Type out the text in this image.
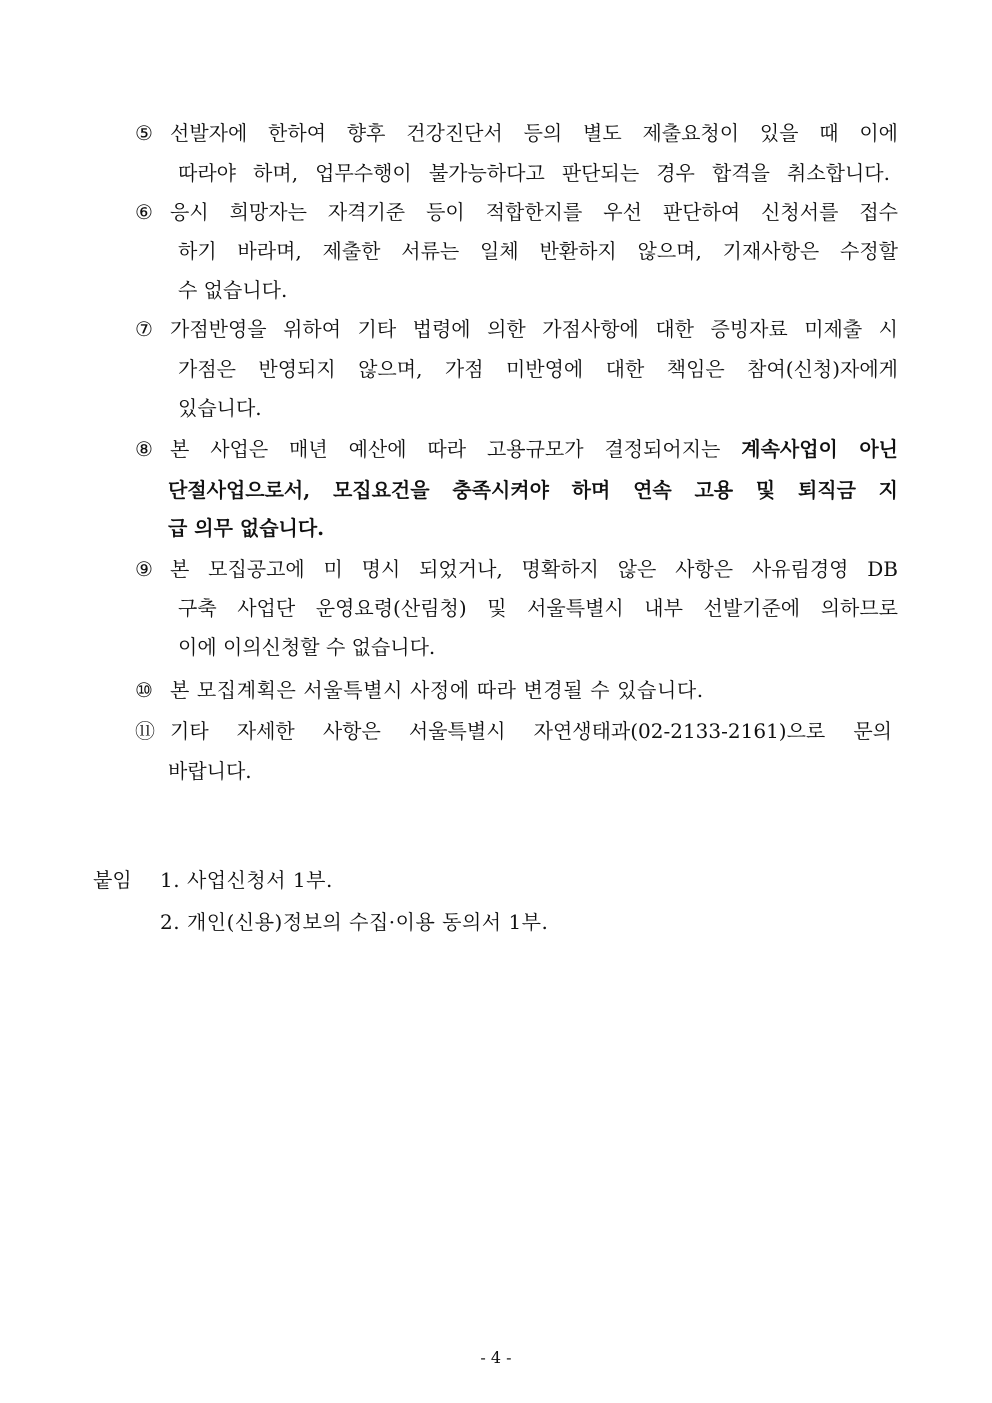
⑤ 선발자에 한하여 향후 건강진단서 등의 별도 제출요청이 있을 때 이에
따라야 하며, 업무수행이 불가능하다고 판단되는 경우 합격을 취소합니다.
⑥ 응시 희망자는 자격기준 등이 적합한지를 우선 판단하여 신청서를 접수
하기 바라며, 제출한 서류는 일체 반환하지 않으며, 기재사항은 수정할
수 없습니다.
⑦ 가점반영을 위하여 기타 법령에 의한 가점사항에 대한 증빙자료 미제출 시
가점은 반영되지 않으며, 가점 미반영에 대한 책임은 참여(신청)자에게
있습니다.
⑧ 본 사업은 매년 예산에 따라 고용규모가 결정되어지는 계속사업이 아닌
단절사업으로서, 모집요건을 충족시켜야 하며 연속 고용 및 퇴직금 지
급 의무 없습니다.
⑨ 본 모집공고에 미 명시 되었거나, 명확하지 않은 사항은 사유림경영 DB
구축 사업단 운영요령(산림청) 및 서울특별시 내부 선발기준에 의하므로
이에 이의신청할 수 없습니다.
⑩ 본 모집계획은 서울특별시 사정에 따라 변경될 수 있습니다.
⑪ 기타 자세한 사항은 서울특별시 자연생태과(02-2133-2161)으로 문의
바랍니다.
붙임 1. 사업신청서 1부.
2. 개인(신용)정보의 수집·이용 동의서 1부.
- 4 -
